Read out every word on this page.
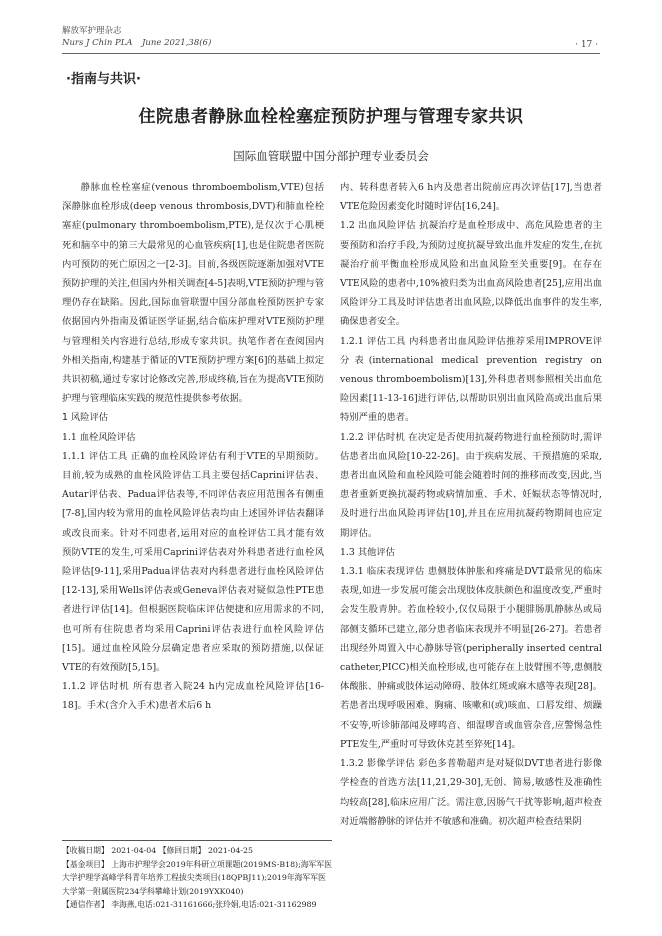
解放军护理杂志
Nurs J Chin PLA June 2021,38(6)	· 17 ·
·指南与共识·
住院患者静脉血栓栓塞症预防护理与管理专家共识
国际血管联盟中国分部护理专业委员会

静脉血栓栓塞症(venous thromboembolism,VTE)包括深静脉血栓形成(deep venous thrombosis,DVT)和肺血栓栓塞症(pulmonary thromboembolism,PTE),是仅次于心肌梗死和脑卒中的第三大最常见的心血管疾病[1],也是住院患者医院内可预防的死亡原因之一[2-3]。目前,各级医院逐渐加强对VTE预防护理的关注,但国内外相关调查[4-5]表明,VTE预防护理与管理仍存在缺陷。因此,国际血管联盟中国分部血栓预防医护专家依据国内外指南及循证医学证据,结合临床护理对VTE预防护理与管理相关内容进行总结,形成专家共识。执笔作者在查阅国内外相关指南,构建基于循证的VTE预防护理方案[6]的基础上拟定共识初稿,通过专家讨论修改完善,形成终稿,旨在为提高VTE预防护理与管理临床实践的规范性提供参考依据。

1 风险评估
1.1 血栓风险评估
1.1.1 评估工具 正确的血栓风险评估有利于VTE的早期预防。目前,较为成熟的血栓风险评估工具主要包括Caprini评估表、Autar评估表、Padua评估表等,不同评估表应用范围各有侧重[7-8],国内较为常用的血栓风险评估表均由上述国外评估表翻译或改良而来。针对不同患者,运用对应的血栓评估工具才能有效预防VTE的发生,可采用Caprini评估表对外科患者进行血栓风险评估[9-11],采用Padua评估表对内科患者进行血栓风险评估[12-13],采用Wells评估表或Geneva评估表对疑似急性PTE患者进行评估[14]。但根据医院临床评估便捷和应用需求的不同,也可所有住院患者均采用Caprini评估表进行血栓风险评估[15]。通过血栓风险分层确定患者应采取的预防措施,以保证VTE的有效预防[5,15]。
1.1.2 评估时机 所有患者入院24 h内完成血栓风险评估[16-18]。手术(含介入手术)患者术后6 h
【收稿日期】 2021-04-04 【修回日期】 2021-04-25
【基金项目】 上海市护理学会2019年科研立项课题(2019MS-B18);海军军医大学护理学高峰学科青年培养工程拔尖类项目(18QPBJ11);2019年海军军医大学第一附属医院234学科攀峰计划(2019YXK040)
【通信作者】 李海燕,电话:021-31161666;张玲娟,电话:021-31162989
内、转科患者转入6 h内及患者出院前应再次评估[17],当患者VTE危险因素变化时随时评估[16,24]。
1.2 出血风险评估 抗凝治疗是血栓形成中、高危风险患者的主要预防和治疗手段,为预防过度抗凝导致出血并发症的发生,在抗凝治疗前平衡血栓形成风险和出血风险至关重要[9]。在存在VTE风险的患者中,10%被归类为出血高风险患者[25],应用出血风险评分工具及时评估患者出血风险,以降低出血事件的发生率,确保患者安全。
1.2.1 评估工具 内科患者出血风险评估推荐采用IMPROVE评分表(international medical prevention registry on venous thromboembolism)[13],外科患者则参照相关出血危险因素[11-13-16]进行评估,以帮助识别出血风险高或出血后果特别严重的患者。
1.2.2 评估时机 在决定是否使用抗凝药物进行血栓预防时,需评估患者出血风险[10-22-26]。由于疾病发展、干预措施的采取,患者出血风险和血栓风险可能会随着时间的推移而改变,因此,当患者重新更换抗凝药物或病情加重、手术、妊娠状态等情况时,及时进行出血风险再评估[10],并且在应用抗凝药物期间也应定期评估。
1.3 其他评估
1.3.1 临床表现评估 患侧肢体肿胀和疼痛是DVT最常见的临床表现,如进一步发展可能会出现肢体皮肤颜色和温度改变,严重时会发生股青肿。若血栓较小,仅仅局限于小腿腓肠肌静脉丛或局部侧支循环已建立,部分患者临床表现并不明显[26-27]。若患者出现经外周置入中心静脉导管(peripherally inserted central catheter,PICC)相关血栓形成,也可能存在上肢臂围不等,患侧肢体酸胀、肿痛或肢体运动障碍、肢体红斑或麻木感等表现[28]。若患者出现呼吸困难、胸痛、咳嗽和(或)咳血、口唇发绀、烦躁不安等,听诊肺部闻及哮鸣音、细湿啰音或血管杂音,应警惕急性PTE发生,严重时可导致休克甚至猝死[14]。
1.3.2 影像学评估 彩色多普勒超声是对疑似DVT患者进行影像学检查的首选方法[11,21,29-30],无创、简易,敏感性及准确性均较高[28],临床应用广泛。需注意,因肠气干扰等影响,超声检查对近端髂静脉的评估并不敏感和准确。初次超声检查结果阴
